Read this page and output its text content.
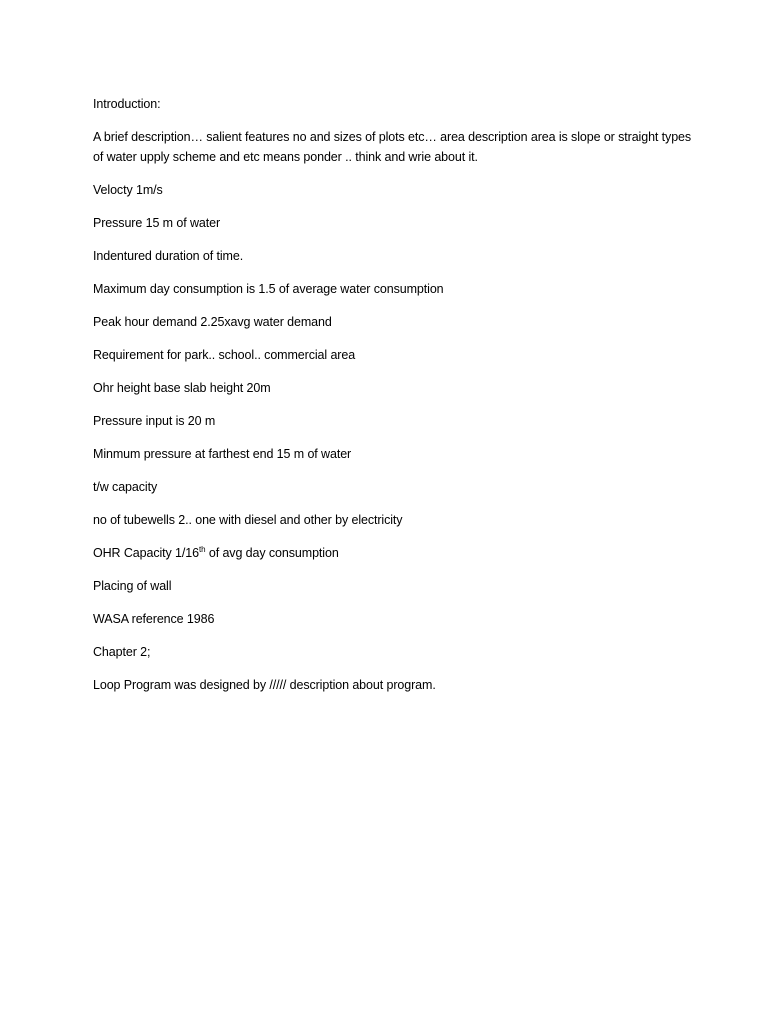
Introduction:

A brief description… salient features no and sizes of plots etc… area description area is slope or straight types of water upply scheme and etc means ponder .. think and wrie about it.

Velocty 1m/s

Pressure 15 m of water

Indentured duration of time.

Maximum day consumption is 1.5 of average water consumption

Peak hour demand 2.25xavg water demand

Requirement for park.. school.. commercial area

Ohr height base slab height 20m

Pressure input is 20 m

Minmum pressure at farthest end 15 m of water

t/w capacity

no of tubewells 2.. one with diesel and other by electricity

OHR Capacity 1/16th of avg day consumption

Placing of wall

WASA reference 1986

Chapter 2;

Loop Program was designed by ///// description about program.
